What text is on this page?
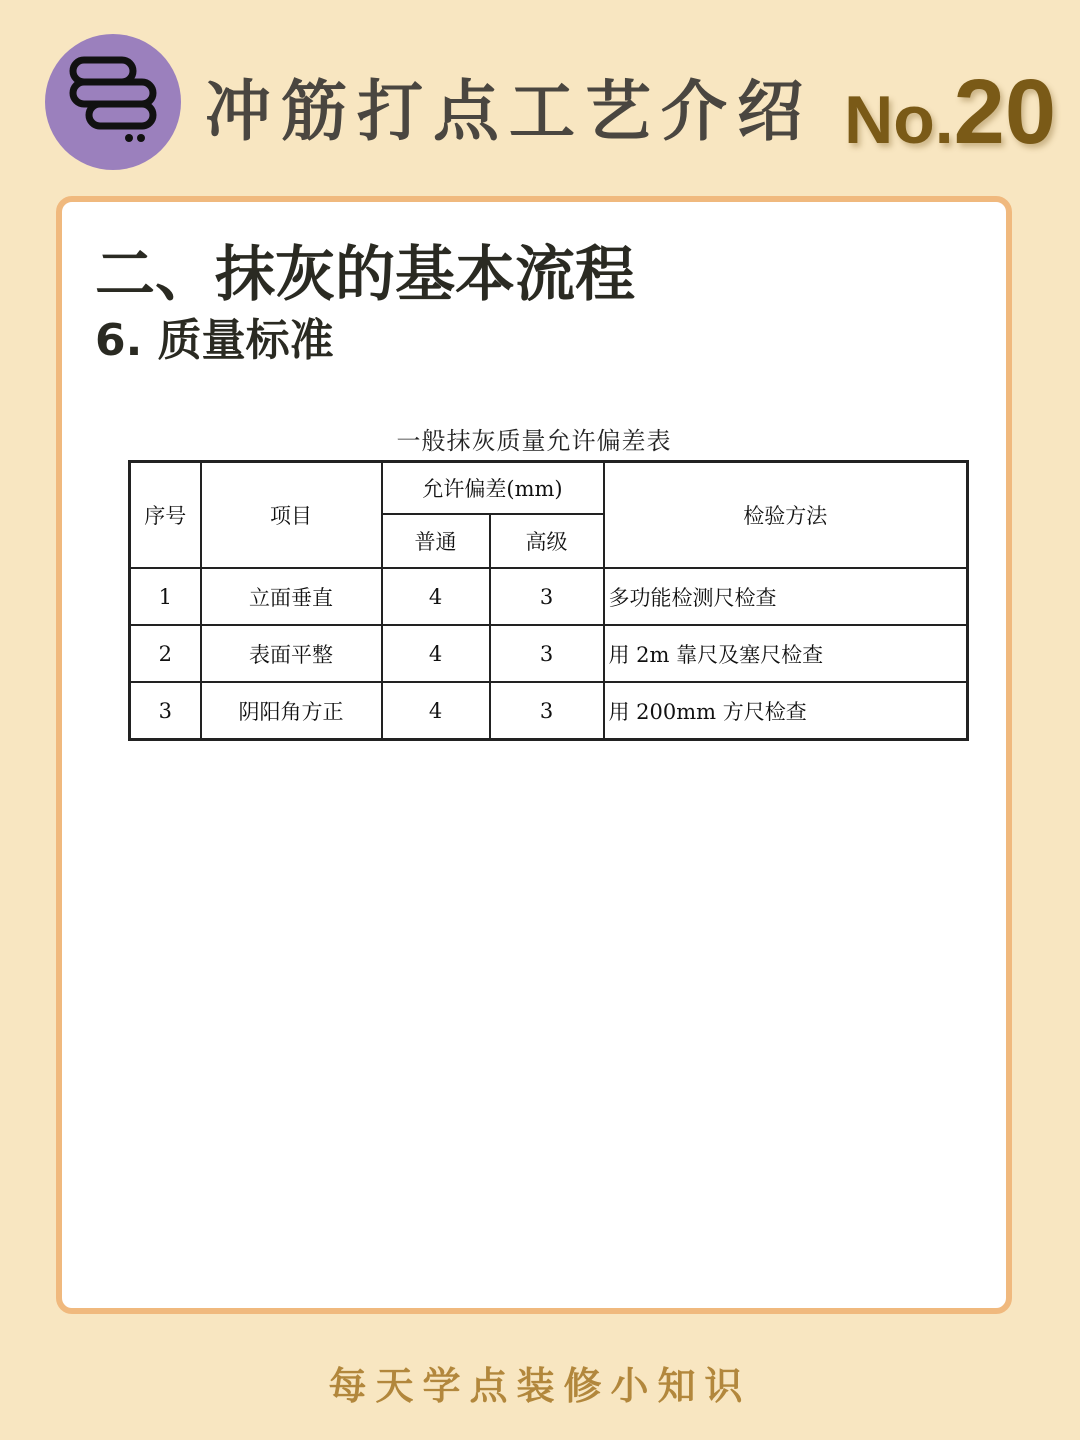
冲筋打点工艺介绍 No.20
二、抹灰的基本流程
6. 质量标准
一般抹灰质量允许偏差表
序号	项目	允许偏差(mm)		检验方法
		普通	高级	
1	立面垂直	4	3	多功能检测尺检查
2	表面平整	4	3	用 2m 靠尺及塞尺检查
3	阴阳角方正	4	3	用 200mm 方尺检查
每天学点装修小知识
